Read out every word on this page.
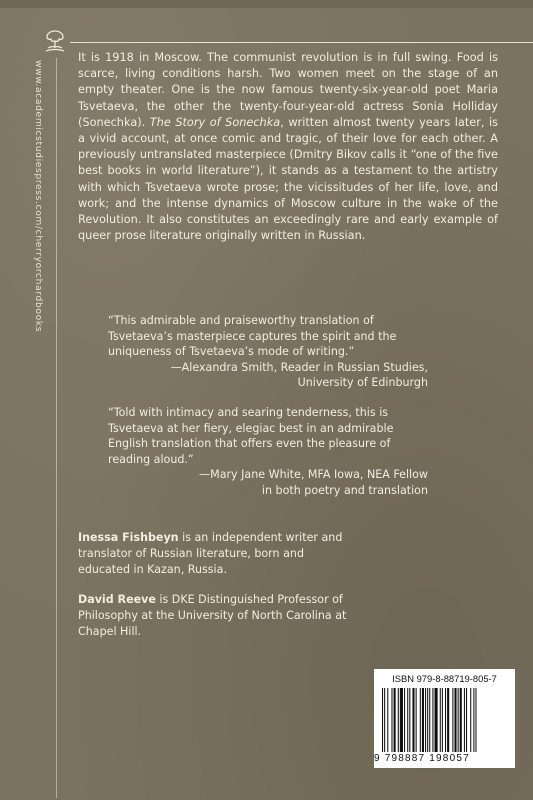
www.academicstudiespress.com/cherryorchardbooks

It is 1918 in Moscow. The communist revolution is in full swing. Food is scarce, living conditions harsh. Two women meet on the stage of an empty theater. One is the now famous twenty-six-year-old poet Maria Tsvetaeva, the other the twenty-four-year-old actress Sonia Holliday (Sonechka). The Story of Sonechka, written almost twenty years later, is a vivid account, at once comic and tragic, of their love for each other. A previously untranslated masterpiece (Dmitry Bikov calls it “one of the five best books in world literature”), it stands as a testament to the artistry with which Tsvetaeva wrote prose; the vicissitudes of her life, love, and work; and the intense dynamics of Moscow culture in the wake of the Revolution. It also constitutes an exceedingly rare and early example of queer prose literature originally written in Russian.

“This admirable and praiseworthy translation of Tsvetaeva’s masterpiece captures the spirit and the uniqueness of Tsvetaeva’s mode of writing.”

—Alexandra Smith, Reader in Russian Studies,

University of Edinburgh

“Told with intimacy and searing tenderness, this is Tsvetaeva at her fiery, elegiac best in an admirable English translation that offers even the pleasure of reading aloud.”

—Mary Jane White, MFA Iowa, NEA Fellow

in both poetry and translation

Inessa Fishbeyn is an independent writer and translator of Russian literature, born and educated in Kazan, Russia.

David Reeve is DKE Distinguished Professor of Philosophy at the University of North Carolina at Chapel Hill.

ISBN 979-8-88719-805-7
9 798887 198057
